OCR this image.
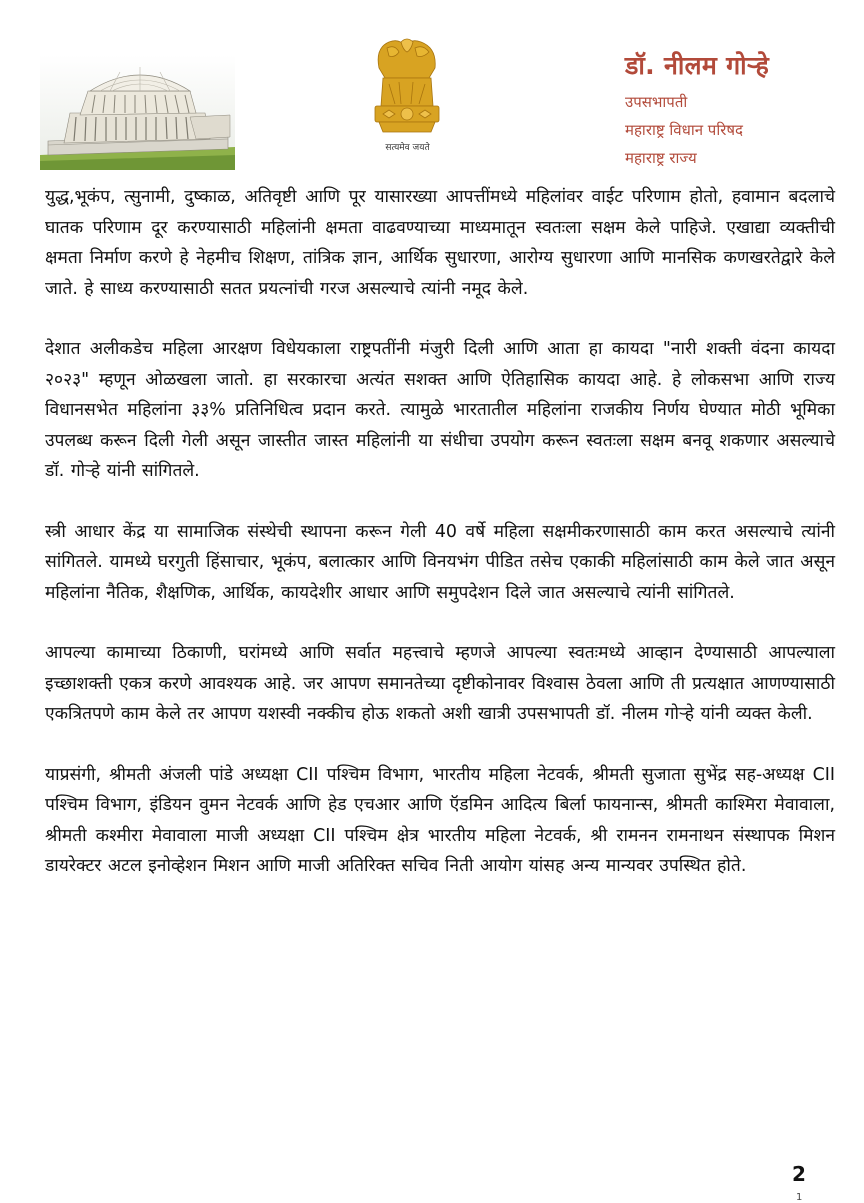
सत्यमेव जयते
डॉ. नीलम गोऱ्हे
उपसभापती
महाराष्ट्र विधान परिषद
महाराष्ट्र राज्य

युद्ध,भूकंप, त्सुनामी, दुष्काळ, अतिवृष्टी आणि पूर यासारख्या आपत्तींमध्ये महिलांवर वाईट परिणाम होतो, हवामान बदलाचे घातक परिणाम दूर करण्यासाठी महिलांनी क्षमता वाढवण्याच्या माध्यमातून स्वतःला सक्षम केले पाहिजे. एखाद्या व्यक्तीची क्षमता निर्माण करणे हे नेहमीच शिक्षण, तांत्रिक ज्ञान, आर्थिक सुधारणा, आरोग्य सुधारणा आणि मानसिक कणखरतेद्वारे केले जाते. हे साध्य करण्यासाठी सतत प्रयत्नांची गरज असल्याचे त्यांनी नमूद केले.

देशात अलीकडेच महिला आरक्षण विधेयकाला राष्ट्रपतींनी मंजुरी दिली आणि आता हा कायदा "नारी शक्ती वंदना कायदा २०२३" म्हणून ओळखला जातो. हा सरकारचा अत्यंत सशक्त आणि ऐतिहासिक कायदा आहे. हे लोकसभा आणि राज्य विधानसभेत महिलांना ३३% प्रतिनिधित्व प्रदान करते. त्यामुळे भारतातील महिलांना राजकीय निर्णय घेण्यात मोठी भूमिका उपलब्ध करून दिली गेली असून जास्तीत जास्त महिलांनी या संधीचा उपयोग करून स्वतःला सक्षम बनवू शकणार असल्याचे डॉ. गोऱ्हे यांनी सांगितले.

स्त्री आधार केंद्र या सामाजिक संस्थेची स्थापना करून गेली 40 वर्षे महिला सक्षमीकरणासाठी काम करत असल्याचे त्यांनी सांगितले. यामध्ये घरगुती हिंसाचार, भूकंप, बलात्कार आणि विनयभंग पीडित तसेच एकाकी महिलांसाठी काम केले जात असून महिलांना नैतिक, शैक्षणिक, आर्थिक, कायदेशीर आधार आणि समुपदेशन दिले जात असल्याचे त्यांनी सांगितले.

आपल्या कामाच्या ठिकाणी, घरांमध्ये आणि सर्वात महत्त्वाचे म्हणजे आपल्या स्वतःमध्ये आव्हान देण्यासाठी आपल्याला इच्छाशक्ती एकत्र करणे आवश्यक आहे. जर आपण समानतेच्या दृष्टीकोनावर विश्वास ठेवला आणि ती प्रत्यक्षात आणण्यासाठी एकत्रितपणे काम केले तर आपण यशस्वी नक्कीच होऊ शकतो अशी खात्री उपसभापती डॉ. नीलम गोऱ्हे यांनी व्यक्त केली.

याप्रसंगी, श्रीमती अंजली पांडे अध्यक्षा CII पश्चिम विभाग, भारतीय महिला नेटवर्क, श्रीमती सुजाता सुभेंद्र सह-अध्यक्ष CII पश्चिम विभाग, इंडियन वुमन नेटवर्क आणि हेड एचआर आणि ऍडमिन आदित्य बिर्ला फायनान्स, श्रीमती काश्मिरा मेवावाला, श्रीमती कश्मीरा मेवावाला माजी अध्यक्षा CII पश्चिम क्षेत्र भारतीय महिला नेटवर्क, श्री रामनन रामनाथन संस्थापक मिशन डायरेक्टर अटल इनोव्हेशन मिशन आणि माजी अतिरिक्त सचिव निती आयोग यांसह अन्य मान्यवर उपस्थित होते.

2
1
